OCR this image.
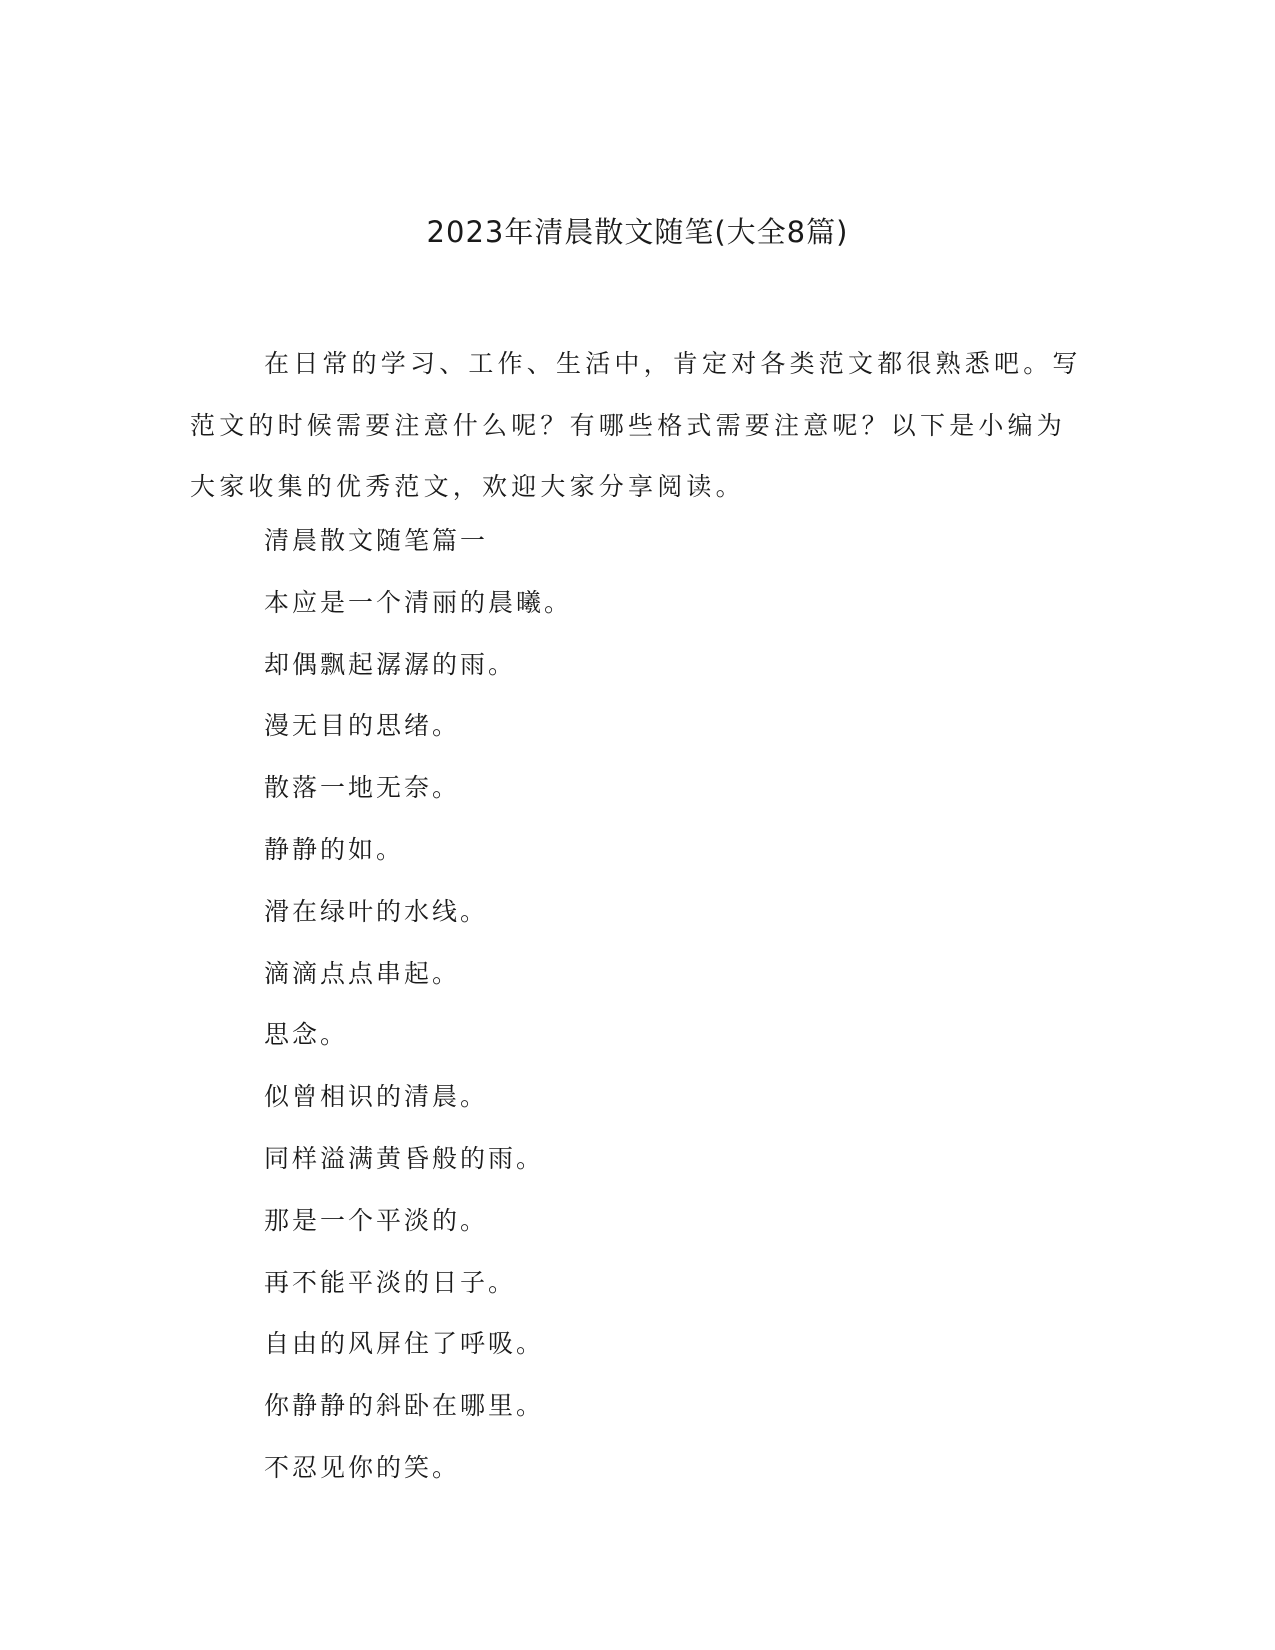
2023年清晨散文随笔(大全8篇)

在日常的学习、工作、生活中，肯定对各类范文都很熟悉吧。写范文的时候需要注意什么呢？有哪些格式需要注意呢？以下是小编为大家收集的优秀范文，欢迎大家分享阅读。

清晨散文随笔篇一
本应是一个清丽的晨曦。
却偶飘起潺潺的雨。
漫无目的思绪。
散落一地无奈。
静静的如。
滑在绿叶的水线。
滴滴点点串起。
思念。
似曾相识的清晨。
同样溢满黄昏般的雨。
那是一个平淡的。
再不能平淡的日子。
自由的风屏住了呼吸。
你静静的斜卧在哪里。
不忍见你的笑。
